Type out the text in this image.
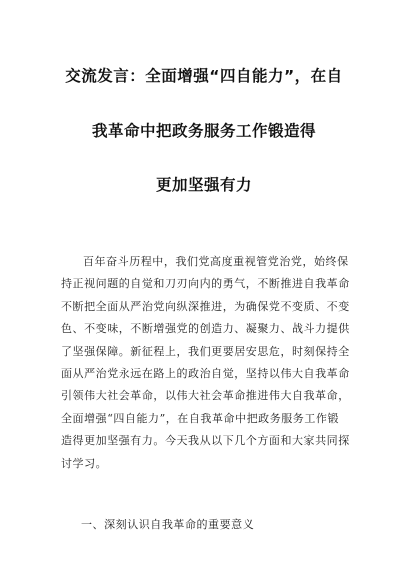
交流发言：全面增强“四自能力”，在自
我革命中把政务服务工作锻造得
更加坚强有力
百年奋斗历程中，我们党高度重视管党治党，始终保
持正视问题的自觉和刀刃向内的勇气，不断推进自我革命
不断把全面从严治党向纵深推进，为确保党不变质、不变
色、不变味，不断增强党的创造力、凝聚力、战斗力提供
了坚强保障。新征程上，我们更要居安思危，时刻保持全
面从严治党永远在路上的政治自觉，坚持以伟大自我革命
引领伟大社会革命，以伟大社会革命推进伟大自我革命，
全面增强“四自能力”，在自我革命中把政务服务工作锻
造得更加坚强有力。今天我从以下几个方面和大家共同探
讨学习。
一、深刻认识自我革命的重要意义
